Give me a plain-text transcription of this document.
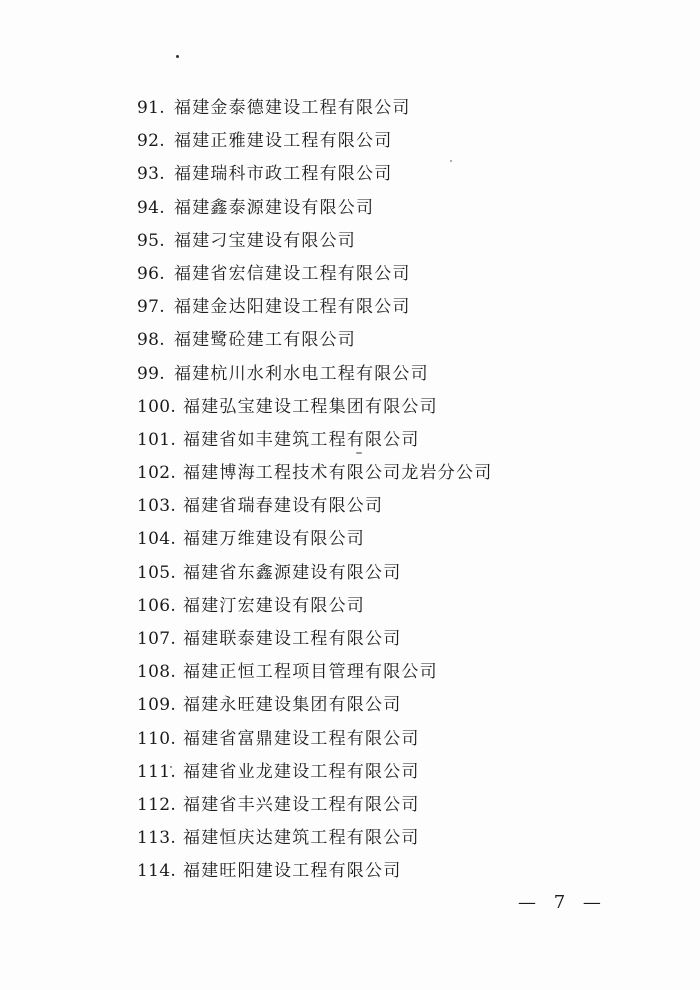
91. 福建金泰德建设工程有限公司
92. 福建正雅建设工程有限公司
93. 福建瑞科市政工程有限公司
94. 福建鑫泰源建设有限公司
95. 福建刁宝建设有限公司
96. 福建省宏信建设工程有限公司
97. 福建金达阳建设工程有限公司
98. 福建鹭砼建工有限公司
99. 福建杭川水利水电工程有限公司
100. 福建弘宝建设工程集团有限公司
101. 福建省如丰建筑工程有限公司
102. 福建博海工程技术有限公司龙岩分公司
103. 福建省瑞春建设有限公司
104. 福建万维建设有限公司
105. 福建省东鑫源建设有限公司
106. 福建汀宏建设有限公司
107. 福建联泰建设工程有限公司
108. 福建正恒工程项目管理有限公司
109. 福建永旺建设集团有限公司
110. 福建省富鼎建设工程有限公司
111. 福建省业龙建设工程有限公司
112. 福建省丰兴建设工程有限公司
113. 福建恒庆达建筑工程有限公司
114. 福建旺阳建设工程有限公司
— 7 —
